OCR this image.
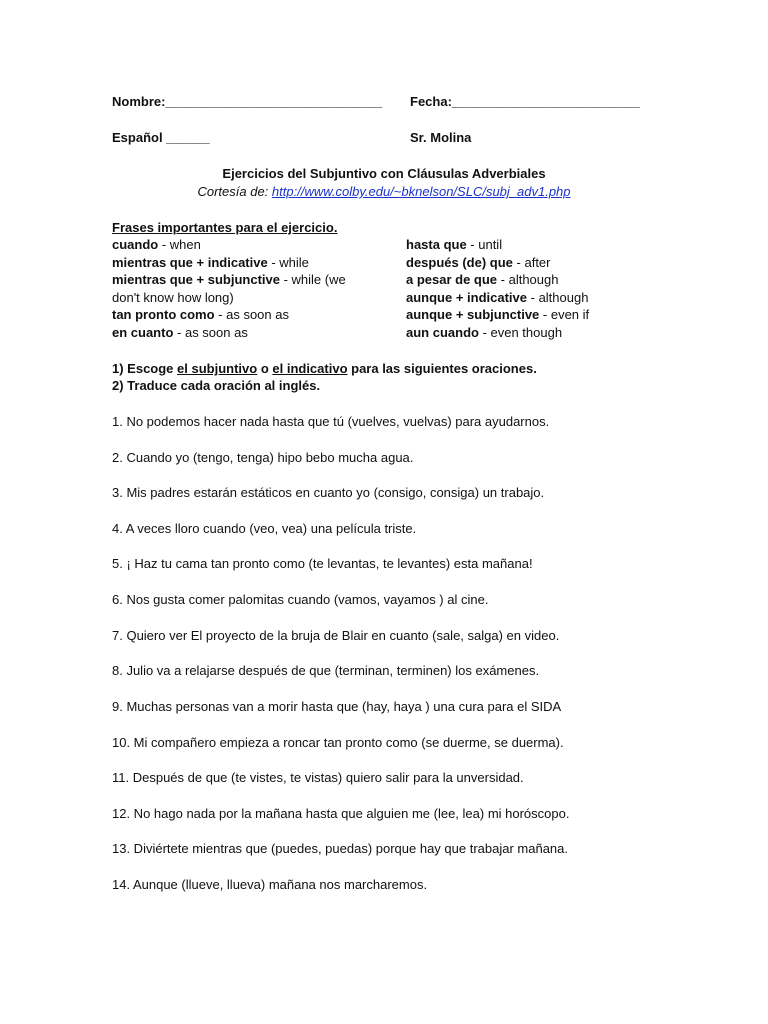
Nombre:______________________________ Fecha:__________________________
Español ______	Sr. Molina
Ejercicios del Subjuntivo con Cláusulas Adverbiales
Cortesía de: http://www.colby.edu/~bknelson/SLC/subj_adv1.php
Frases importantes para el ejercicio.
cuando - when
mientras que + indicative - while
mientras que + subjunctive - while (we don't know how long)
tan pronto como - as soon as
en cuanto - as soon as
hasta que - until
después (de) que - after
a pesar de que - although
aunque + indicative - although
aunque + subjunctive - even if
aun cuando - even though
1) Escoge el subjuntivo o el indicativo para las siguientes oraciones.
2) Traduce cada oración al inglés.
1. No podemos hacer nada hasta que tú (vuelves, vuelvas) para ayudarnos.
2. Cuando yo (tengo, tenga) hipo bebo mucha agua.
3. Mis padres estarán estáticos en cuanto yo (consigo, consiga) un trabajo.
4. A veces lloro cuando (veo, vea) una película triste.
5. ¡ Haz tu cama tan pronto como (te levantas, te levantes) esta mañana!
6. Nos gusta comer palomitas cuando (vamos, vayamos ) al cine.
7. Quiero ver El proyecto de la bruja de Blair en cuanto (sale, salga) en video.
8. Julio va a relajarse después de que (terminan, terminen) los exámenes.
9. Muchas personas van a morir hasta que (hay, haya ) una cura para el SIDA
10. Mi compañero empieza a roncar tan pronto como (se duerme, se duerma).
11. Después de que (te vistes, te vistas) quiero salir para la unversidad.
12. No hago nada por la mañana hasta que alguien me (lee, lea) mi horóscopo.
13. Diviértete mientras que (puedes, puedas) porque hay que trabajar mañana.
14. Aunque (llueve, llueva) mañana nos marcharemos.
